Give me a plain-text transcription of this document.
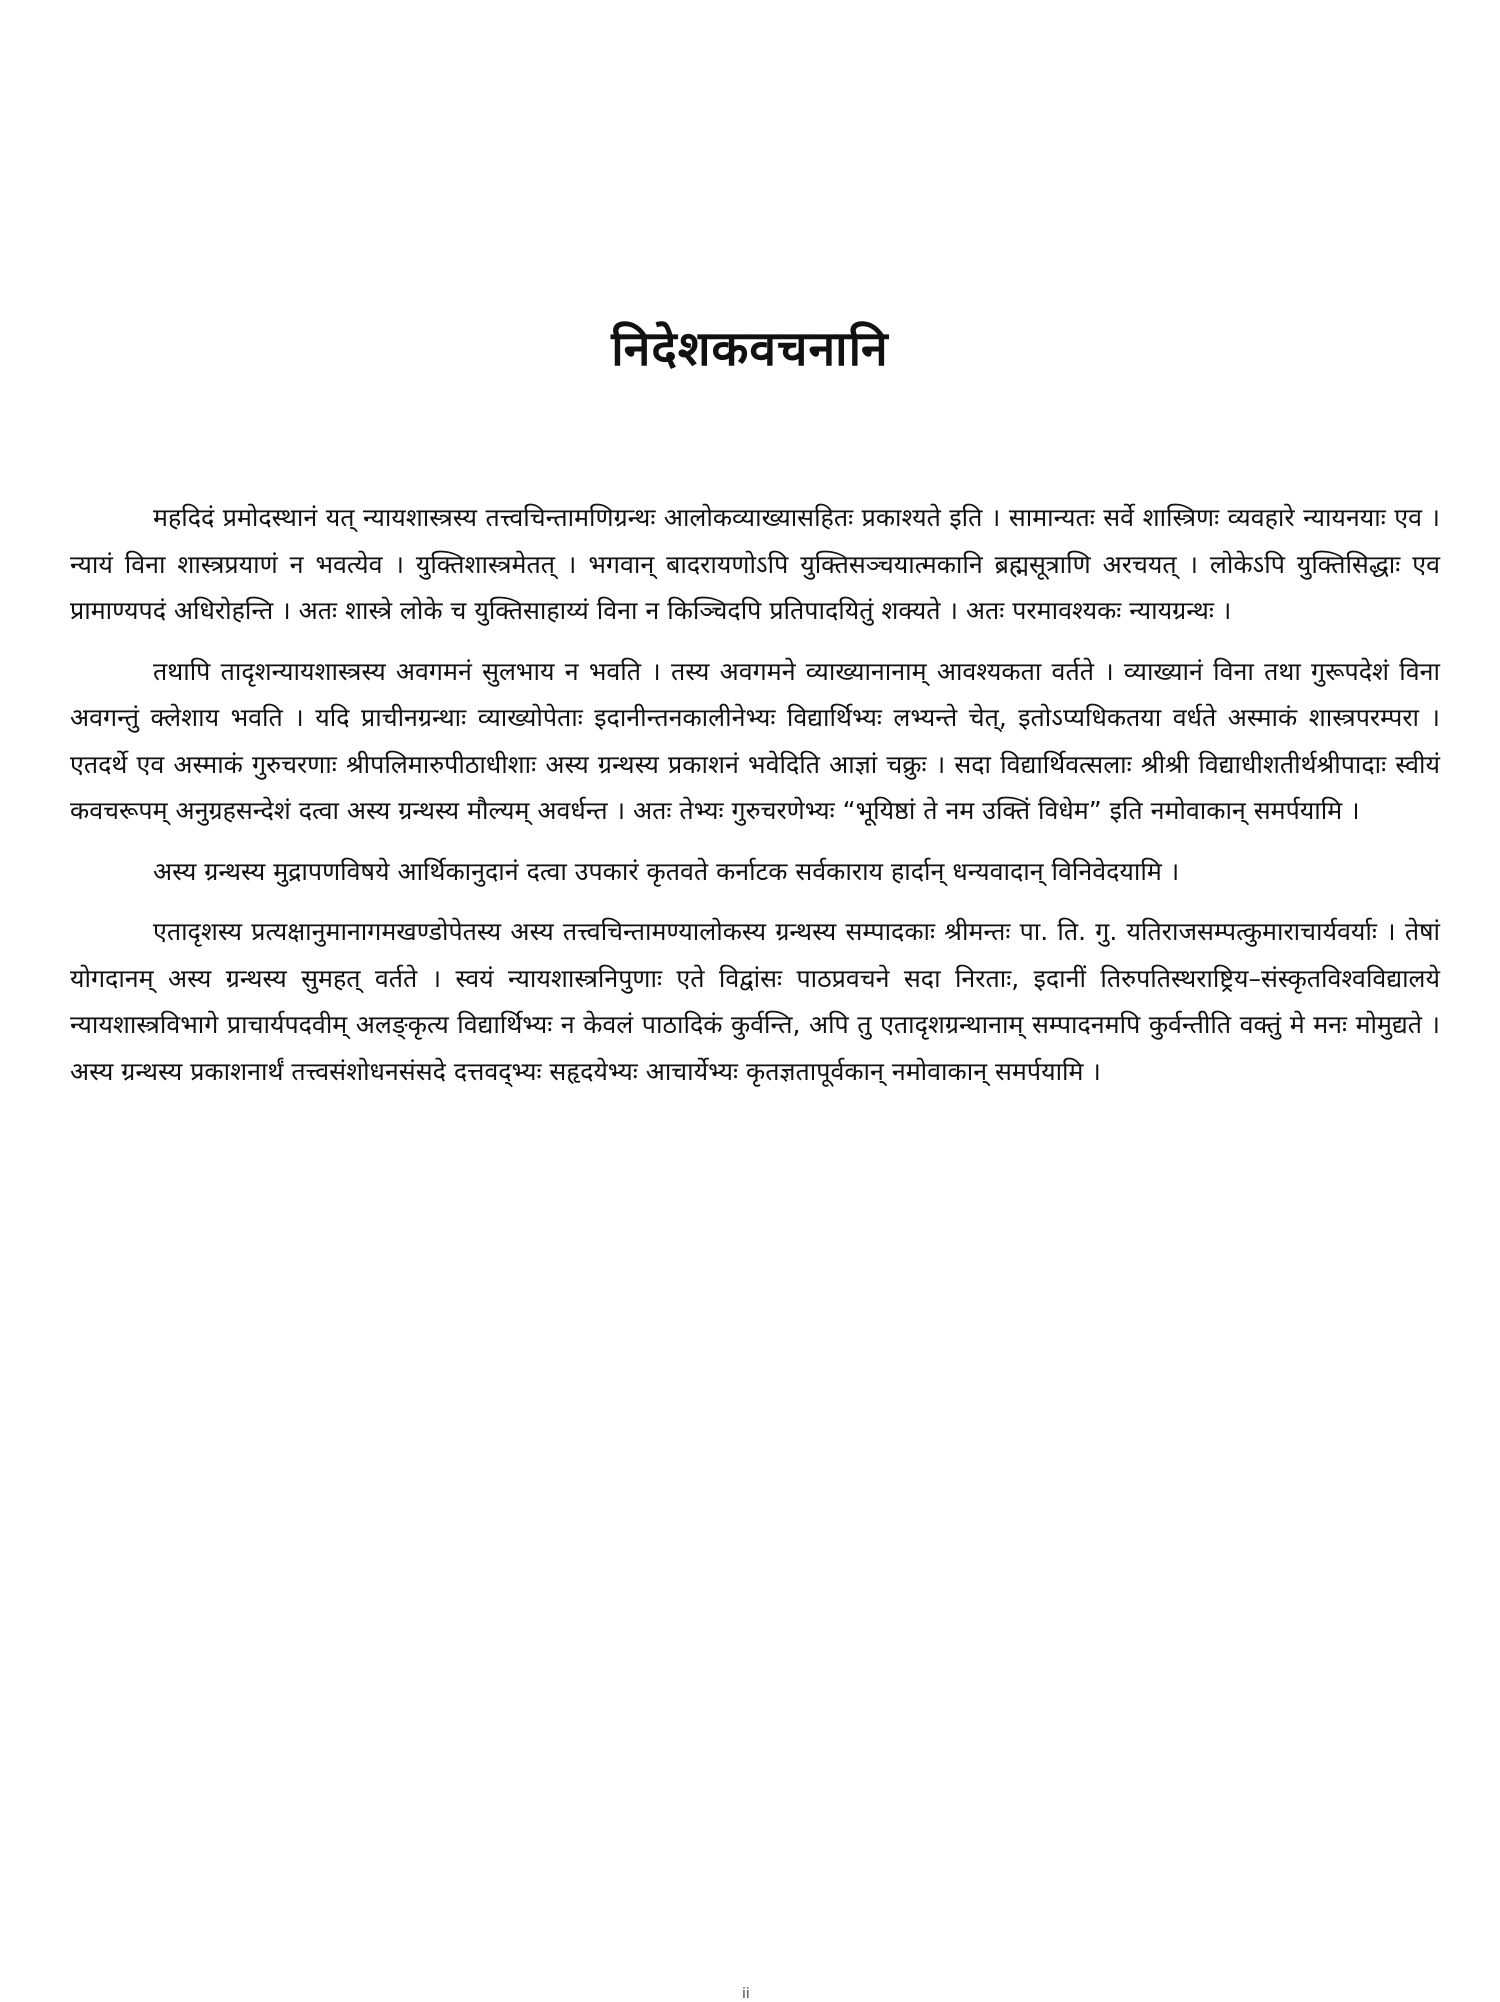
निदेशकवचनानि

महदिदं प्रमोदस्थानं यत् न्यायशास्त्रस्य तत्त्वचिन्तामणिग्रन्थः आलोकव्याख्यासहितः प्रकाश्यते इति । सामान्यतः सर्वे शास्त्रिणः व्यवहारे न्यायनयाः एव । न्यायं विना शास्त्रप्रयाणं न भवत्येव । युक्तिशास्त्रमेतत् । भगवान् बादरायणोऽपि युक्तिसञ्चयात्मकानि ब्रह्मसूत्राणि अरचयत् । लोकेऽपि युक्तिसिद्धाः एव प्रामाण्यपदं अधिरोहन्ति । अतः शास्त्रे लोके च युक्तिसाहाय्यं विना न किञ्चिदपि प्रतिपादयितुं शक्यते । अतः परमावश्यकः न्यायग्रन्थः ।

तथापि तादृशन्यायशास्त्रस्य अवगमनं सुलभाय न भवति । तस्य अवगमने व्याख्यानानाम् आवश्यकता वर्तते । व्याख्यानं विना तथा गुरूपदेशं विना अवगन्तुं क्लेशाय भवति । यदि प्राचीनग्रन्थाः व्याख्योपेताः इदानीन्तनकालीनेभ्यः विद्यार्थिभ्यः लभ्यन्ते चेत्, इतोऽप्यधिकतया वर्धते अस्माकं शास्त्रपरम्परा । एतदर्थे एव अस्माकं गुरुचरणाः श्रीपलिमारुपीठाधीशाः अस्य ग्रन्थस्य प्रकाशनं भवेदिति आज्ञां चक्रुः । सदा विद्यार्थिवत्सलाः श्रीश्री विद्याधीशतीर्थश्रीपादाः स्वीयं कवचरूपम् अनुग्रहसन्देशं दत्वा अस्य ग्रन्थस्य मौल्यम् अवर्धन्त । अतः तेभ्यः गुरुचरणेभ्यः “भूयिष्ठां ते नम उक्तिं विधेम” इति नमोवाकान् समर्पयामि ।

अस्य ग्रन्थस्य मुद्रापणविषये आर्थिकानुदानं दत्वा उपकारं कृतवते कर्नाटक सर्वकाराय हार्दान् धन्यवादान् विनिवेदयामि ।

एतादृशस्य प्रत्यक्षानुमानागमखण्डोपेतस्य अस्य तत्त्वचिन्तामण्यालोकस्य ग्रन्थस्य सम्पादकाः श्रीमन्तः पा. ति. गु. यतिराजसम्पत्कुमाराचार्यवर्याः । तेषां योगदानम् अस्य ग्रन्थस्य सुमहत् वर्तते । स्वयं न्यायशास्त्रनिपुणाः एते विद्वांसः पाठप्रवचने सदा निरताः, इदानीं तिरुपतिस्थराष्ट्रिय–संस्कृतविश्वविद्यालये न्यायशास्त्रविभागे प्राचार्यपदवीम् अलङ्कृत्य विद्यार्थिभ्यः न केवलं पाठादिकं कुर्वन्ति, अपि तु एतादृशग्रन्थानाम् सम्पादनमपि कुर्वन्तीति वक्तुं मे मनः मोमुद्यते । अस्य ग्रन्थस्य प्रकाशनार्थं तत्त्वसंशोधनसंसदे दत्तवद्भ्यः सहृदयेभ्यः आचार्येभ्यः कृतज्ञतापूर्वकान् नमोवाकान् समर्पयामि ।

ii
